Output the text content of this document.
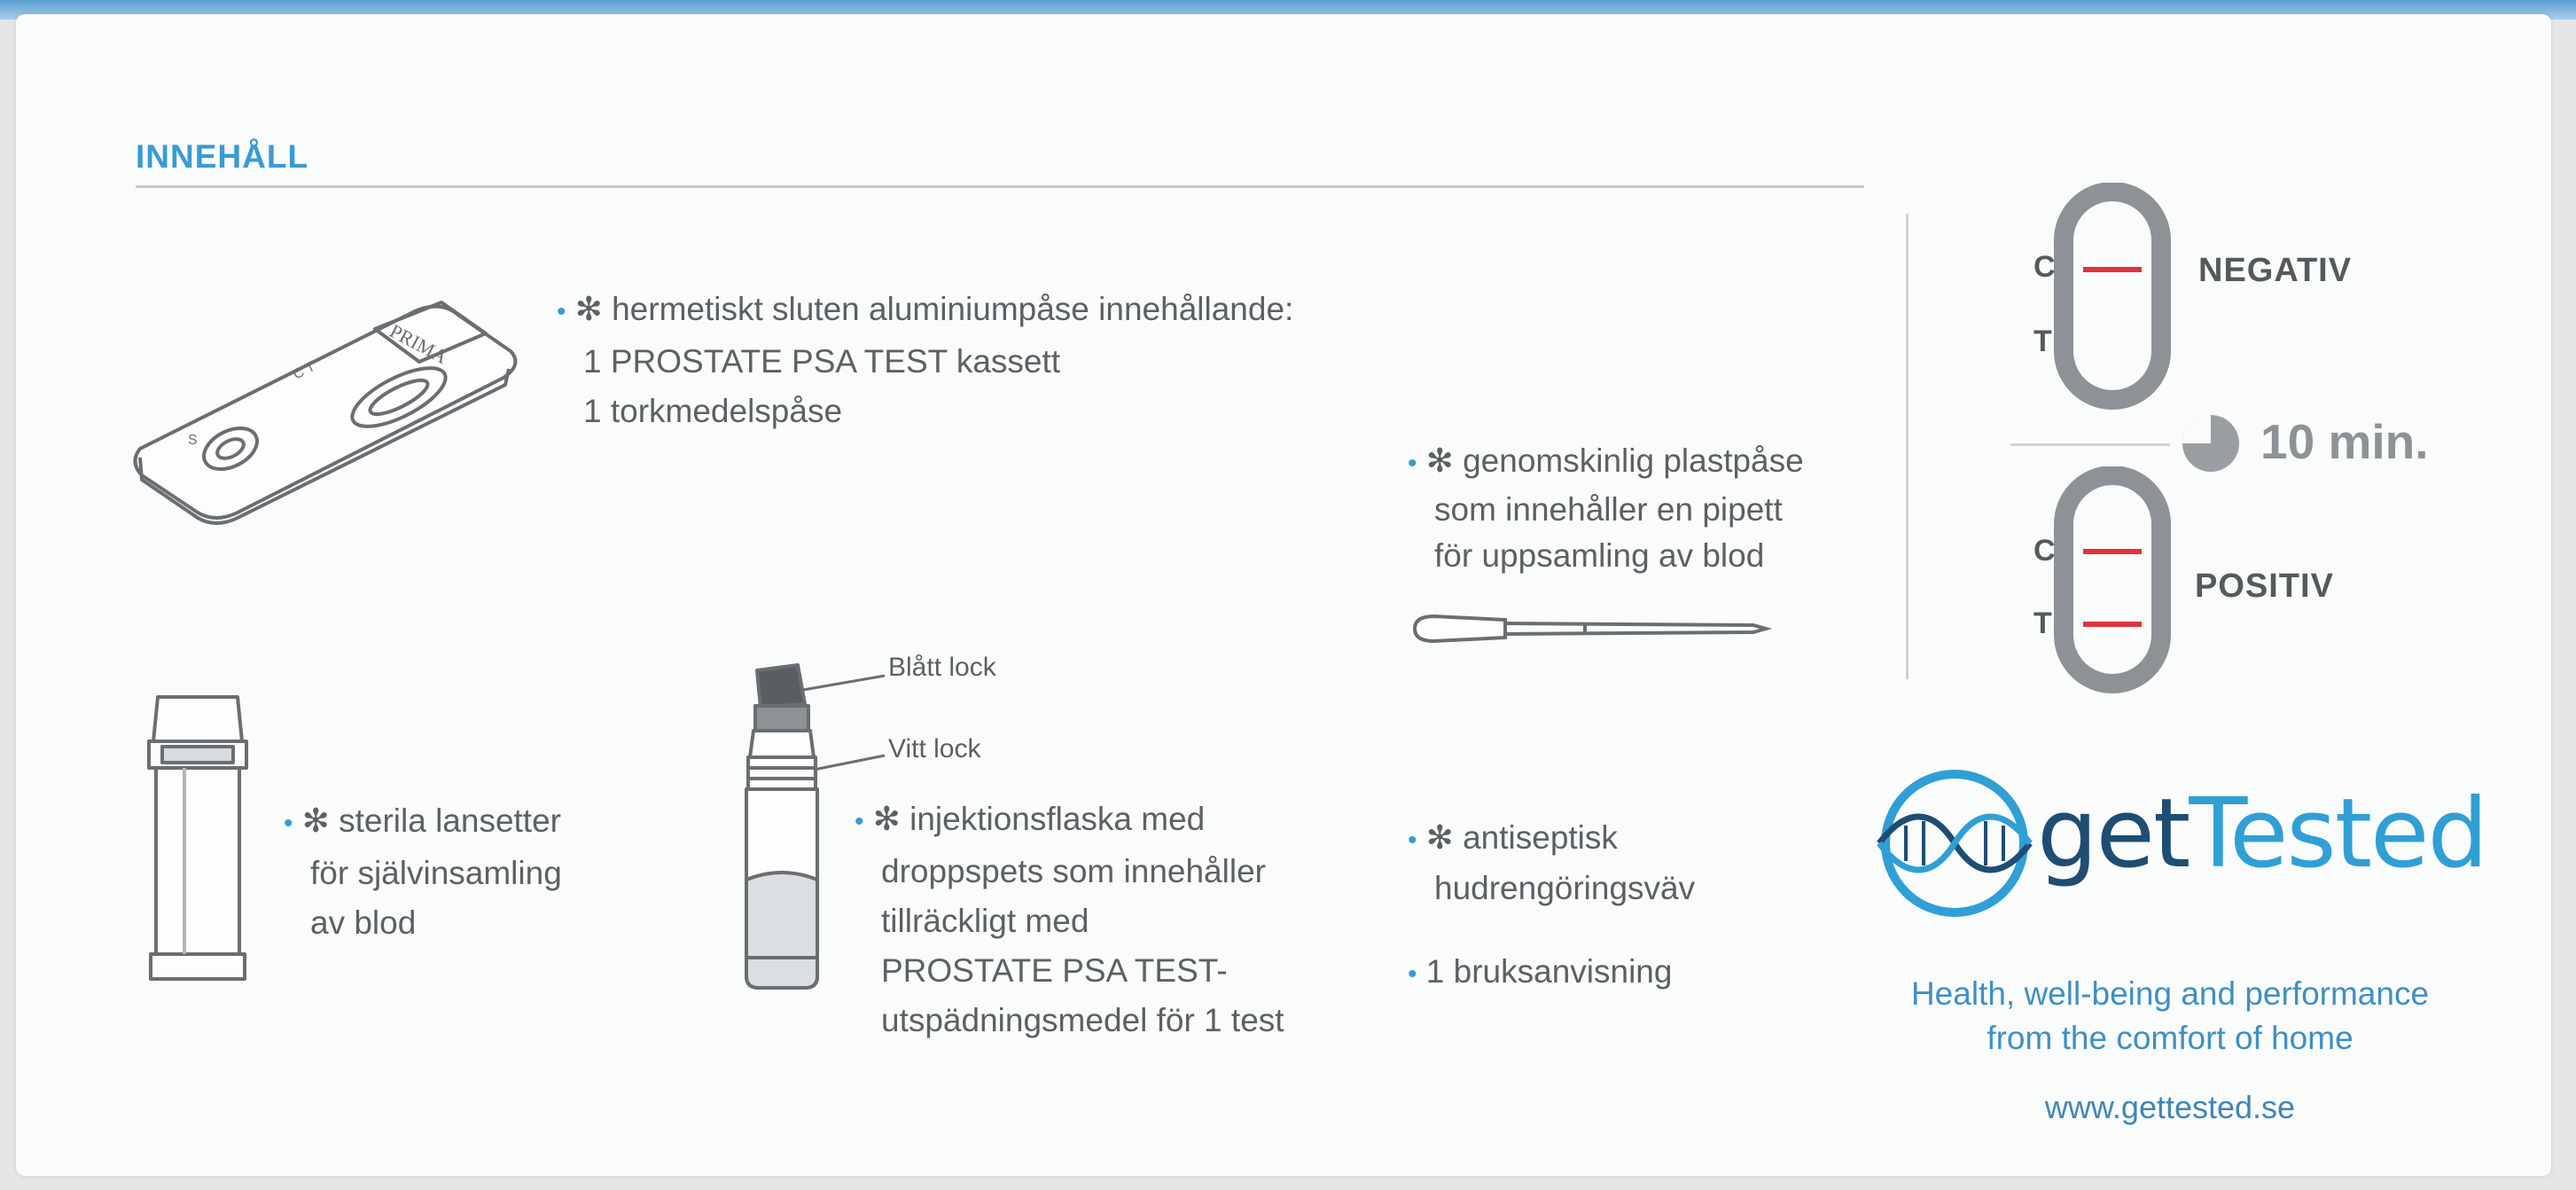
INNEHÅLL
C T
S
PRIMA
• ✻ hermetiskt sluten aluminiumpåse innehållande:
1 PROSTATE PSA TEST kassett
1 torkmedelspåse
• ✻ genomskinlig plastpåse
som innehåller en pipett
för uppsamling av blod
• ✻ sterila lansetter
för självinsamling
av blod
Blått lock
Vitt lock
• ✻ injektionsflaska med
droppspets som innehåller
tillräckligt med
PROSTATE PSA TEST-
utspädningsmedel för 1 test
• ✻ antiseptisk
hudrengöringsväv
• 1 bruksanvisning
C
T
NEGATIV
10 min.
C
T
POSITIV
getTested
Health, well-being and performance
from the comfort of home
www.gettested.se
